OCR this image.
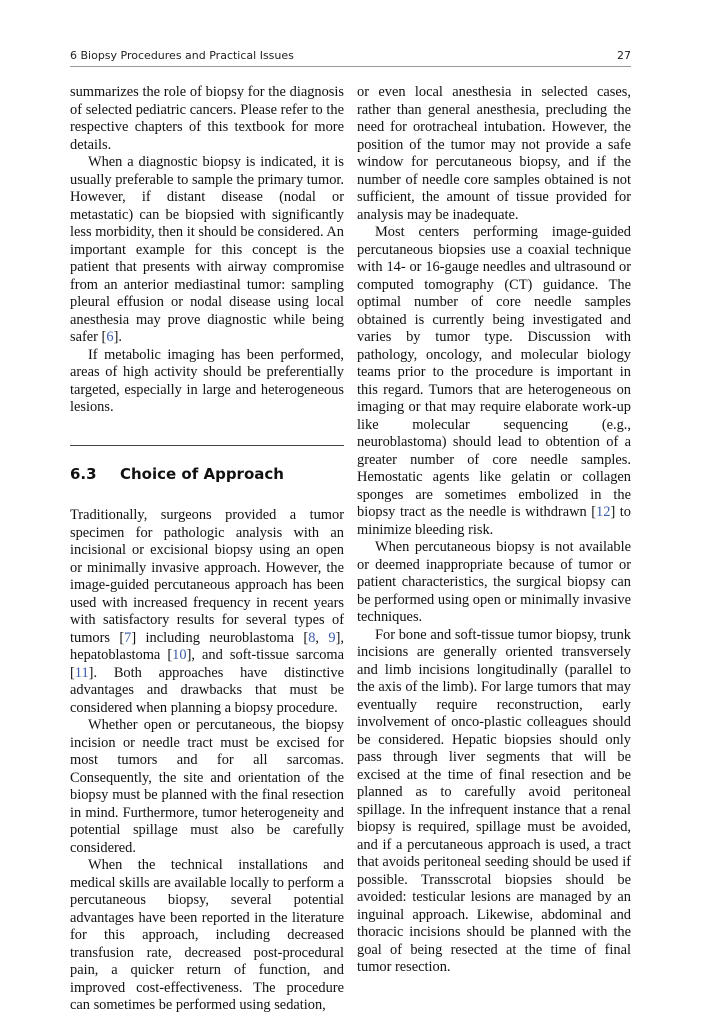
6 Biopsy Procedures and Practical Issues	27

summarizes the role of biopsy for the diagnosis of selected pediatric cancers. Please refer to the respective chapters of this textbook for more details.

When a diagnostic biopsy is indicated, it is usually preferable to sample the primary tumor. However, if distant disease (nodal or metastatic) can be biopsied with significantly less morbidity, then it should be considered. An important example for this concept is the patient that presents with airway compromise from an anterior mediastinal tumor: sampling pleural effusion or nodal disease using local anesthesia may prove diagnostic while being safer [6].

If metabolic imaging has been performed, areas of high activity should be preferentially targeted, especially in large and heterogeneous lesions.

6.3 Choice of Approach

Traditionally, surgeons provided a tumor specimen for pathologic analysis with an incisional or excisional biopsy using an open or minimally invasive approach. However, the image-guided percutaneous approach has been used with increased frequency in recent years with satisfactory results for several types of tumors [7] including neuroblastoma [8, 9], hepatoblastoma [10], and soft-tissue sarcoma [11]. Both approaches have distinctive advantages and drawbacks that must be considered when planning a biopsy procedure.

Whether open or percutaneous, the biopsy incision or needle tract must be excised for most tumors and for all sarcomas. Consequently, the site and orientation of the biopsy must be planned with the final resection in mind. Furthermore, tumor heterogeneity and potential spillage must also be carefully considered.

When the technical installations and medical skills are available locally to perform a percutaneous biopsy, several potential advantages have been reported in the literature for this approach, including decreased transfusion rate, decreased post-procedural pain, a quicker return of function, and improved cost-effectiveness. The procedure can sometimes be performed using sedation,

or even local anesthesia in selected cases, rather than general anesthesia, precluding the need for orotracheal intubation. However, the position of the tumor may not provide a safe window for percutaneous biopsy, and if the number of needle core samples obtained is not sufficient, the amount of tissue provided for analysis may be inadequate.

Most centers performing image-guided percutaneous biopsies use a coaxial technique with 14- or 16-gauge needles and ultrasound or computed tomography (CT) guidance. The optimal number of core needle samples obtained is currently being investigated and varies by tumor type. Discussion with pathology, oncology, and molecular biology teams prior to the procedure is important in this regard. Tumors that are heterogeneous on imaging or that may require elaborate work-up like molecular sequencing (e.g., neuroblastoma) should lead to obtention of a greater number of core needle samples. Hemostatic agents like gelatin or collagen sponges are sometimes embolized in the biopsy tract as the needle is withdrawn [12] to minimize bleeding risk.

When percutaneous biopsy is not available or deemed inappropriate because of tumor or patient characteristics, the surgical biopsy can be performed using open or minimally invasive techniques.

For bone and soft-tissue tumor biopsy, trunk incisions are generally oriented transversely and limb incisions longitudinally (parallel to the axis of the limb). For large tumors that may eventually require reconstruction, early involvement of onco-plastic colleagues should be considered. Hepatic biopsies should only pass through liver segments that will be excised at the time of final resection and be planned as to carefully avoid peritoneal spillage. In the infrequent instance that a renal biopsy is required, spillage must be avoided, and if a percutaneous approach is used, a tract that avoids peritoneal seeding should be used if possible. Transscrotal biopsies should be avoided: testicular lesions are managed by an inguinal approach. Likewise, abdominal and thoracic incisions should be planned with the goal of being resected at the time of final tumor resection.
